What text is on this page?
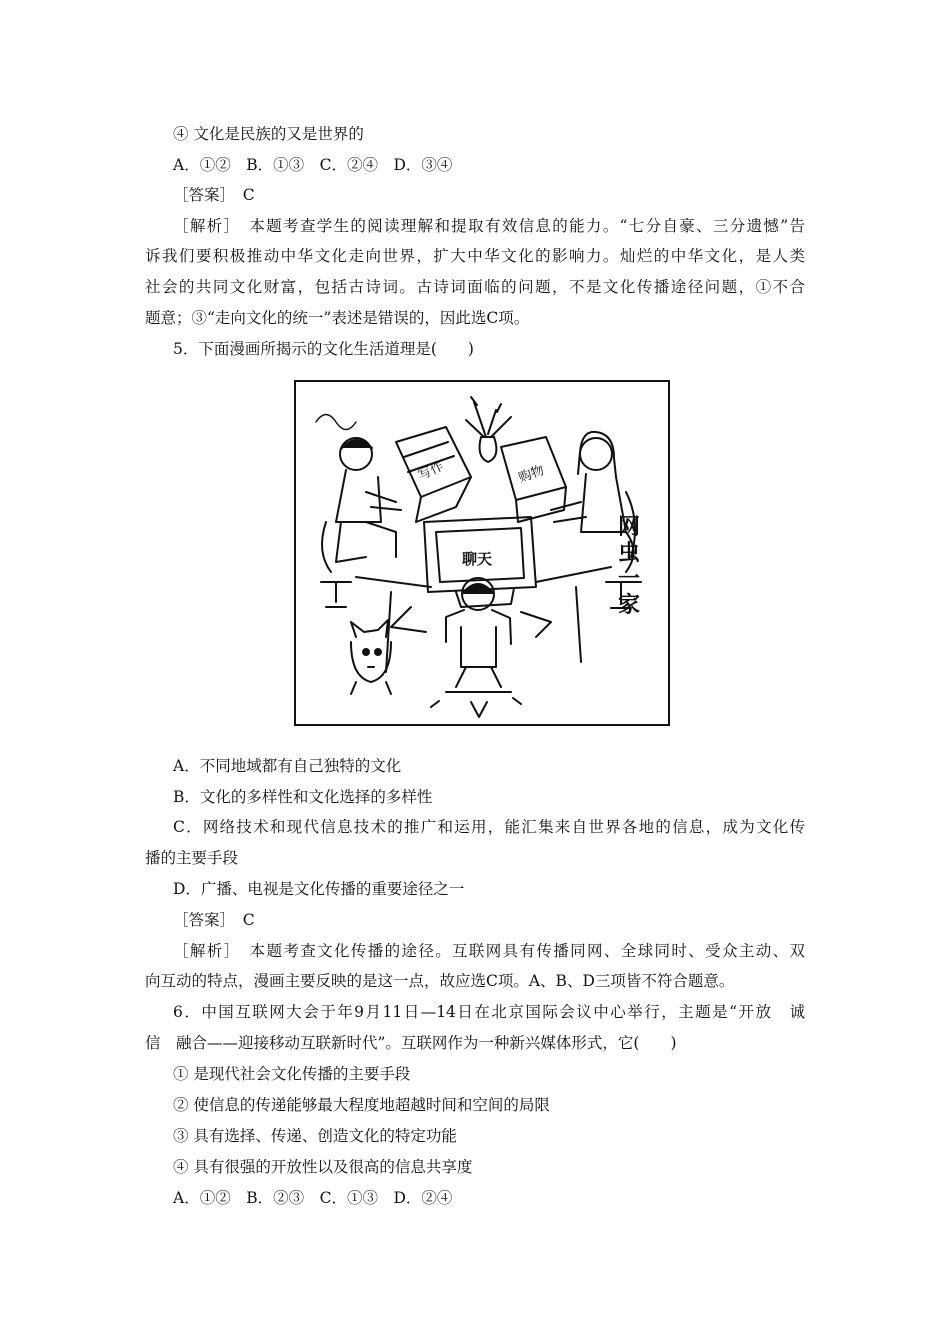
④ 文化是民族的又是世界的
A．①②　B．①③　C．②④　D．③④
［答案］　C
［解析］　本题考查学生的阅读理解和提取有效信息的能力。“七分自豪、三分遗憾”告
诉我们要积极推动中华文化走向世界，扩大中华文化的影响力。灿烂的中华文化，是人类
社会的共同文化财富，包括古诗词。古诗词面临的问题，不是文化传播途径问题，①不合
题意；③“走向文化的统一”表述是错误的，因此选C项。
5．下面漫画所揭示的文化生活道理是(　　)
写作	购物
聊天
网
虫
一
家
A．不同地域都有自己独特的文化
B．文化的多样性和文化选择的多样性
C．网络技术和现代信息技术的推广和运用，能汇集来自世界各地的信息，成为文化传
播的主要手段
D．广播、电视是文化传播的重要途径之一
［答案］　C
［解析］　本题考查文化传播的途径。互联网具有传播同网、全球同时、受众主动、双
向互动的特点，漫画主要反映的是这一点，故应选C项。A、B、D三项皆不符合题意。
6．中国互联网大会于年9月11日—14日在北京国际会议中心举行，主题是“开放　诚
信　融合——迎接移动互联新时代”。互联网作为一种新兴媒体形式，它(　　)
① 是现代社会文化传播的主要手段
② 使信息的传递能够最大程度地超越时间和空间的局限
③ 具有选择、传递、创造文化的特定功能
④ 具有很强的开放性以及很高的信息共享度
A．①②　B．②③　C．①③　D．②④
